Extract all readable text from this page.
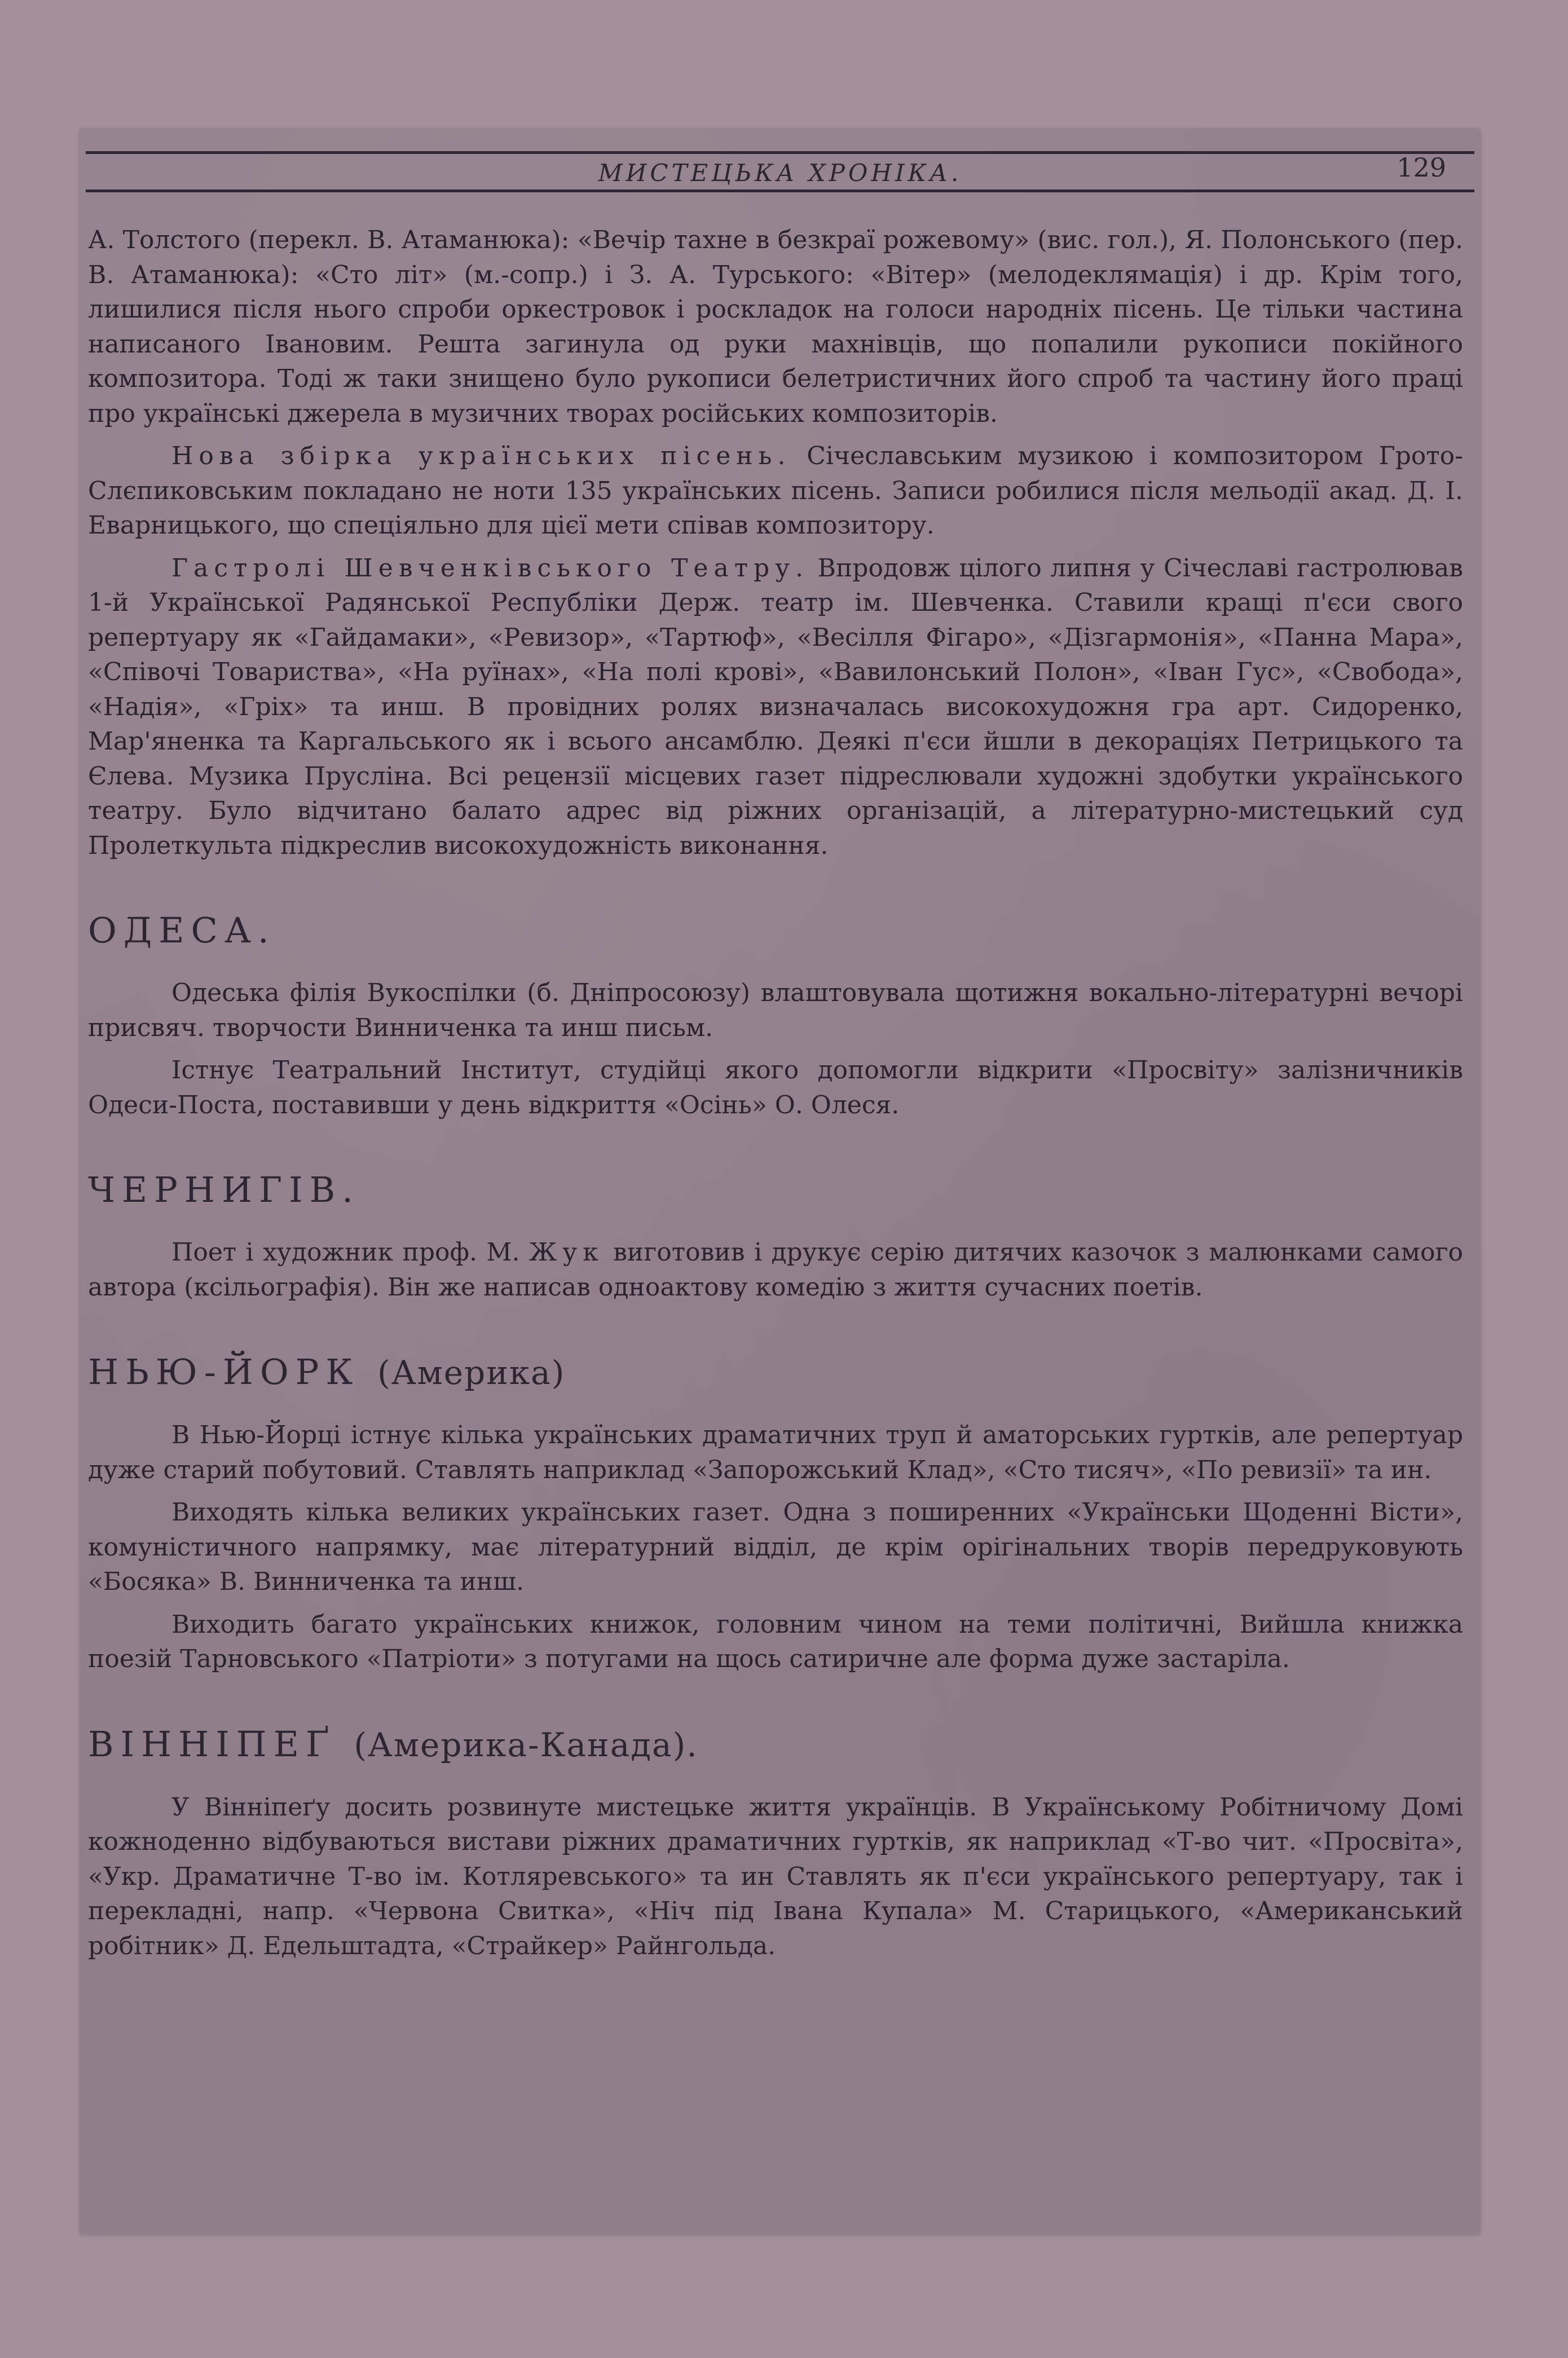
МИСТЕЦЬКА ХРОНІКА.	129

А. Толстого (перекл. В. Атаманюка): «Вечір тахне в безкраї рожевому» (вис. гол.), Я. Полонського (пер. В. Атаманюка): «Сто літ» (м.-сопр.) і З. А. Турського: «Вітер» (мелодеклямація) і др. Крім того, лишилися після нього спроби оркестровок і роскладок на голоси народніх пісень. Це тільки частина написаного Івановим. Решта загинула од руки махнівців, що попалили рукописи покійного композитора. Тоді ж таки знищено було рукописи белетристичних його спроб та частину його праці про українські джерела в музичних творах російських композиторів.

Нова збірка українських пісень. Січеславським музикою і композитором Грото-Слєпиковським покладано не ноти 135 українських пісень. Записи робилися після мельодії акад. Д. І. Еварницького, що спеціяльно для цієї мети співав композитору.

Гастролі Шевченківського Театру. Впродовж цілого липня у Січеславі гастролював 1-й Української Радянської Республіки Держ. театр ім. Шевченка. Ставили кращі п'єси свого репертуару як «Гайдамаки», «Ревизор», «Тартюф», «Весілля Фігаро», «Дізгармонія», «Панна Мара», «Співочі Товариства», «На руїнах», «На полі крові», «Вавилонський Полон», «Іван Гус», «Свобода», «Надія», «Гріх» та инш. В провідних ролях визначалась високохудожня гра арт. Сидоренко, Мар'яненка та Каргальського як і всього ансамблю. Деякі п'єси йшли в декораціях Петрицького та Єлева. Музика Пруcліна. Всі рецензії місцевих газет підреслювали художні здобутки українського театру. Було відчитано балато адрес від ріжних організацій, а літературно-мистецький суд Пролеткульта підкреслив високохудожність виконання.

ОДЕСА.

Одеська філія Вукоспілки (б. Дніпросоюзу) влаштовувала щотижня вокально-літературні вечорі присвяч. творчости Винниченка та инш письм.

Істнує Театральний Інститут, студійці якого допомогли відкрити «Просвіту» залізничників Одеси-Поста, поставивши у день відкриття «Осінь» О. Олеся.

ЧЕРНИГІВ.

Поет і художник проф. М. Жук виготовив і друкує серію дитячих казочок з малюнками самого автора (ксільографія). Він же написав одноактову комедію з життя сучасних поетів.

НЬЮ-ЙОРК (Америка)

В Нью-Йорці істнує кілька українських драматичних труп й аматорських гуртків, але репертуар дуже старий побутовий. Ставлять наприклад «Запорожський Клад», «Сто тисяч», «По ревизії» та ин.

Виходять кілька великих українських газет. Одна з поширенних «Українськи Щоденні Вісти», комуністичного напрямку, має літературний відділ, де крім орігінальних творів передруковують «Босяка» В. Винниченка та инш.

Виходить багато українських книжок, головним чином на теми політичні, Вийшла книжка поезій Тарновського «Патріоти» з потугами на щось сатиричне але форма дуже застаріла.

ВІННІПЕҐ (Америка-Канада).

У Вінніпеґу досить розвинуте мистецьке життя українців. В Українському Робітничому Домі кожноденно відбуваються вистави ріжних драматичних гуртків, як наприклад «Т-во чит. «Просвіта», «Укр. Драматичне Т-во ім. Котляревського» та ин Ставлять як п'єси українського репертуару, так і перекладні, напр. «Червона Свитка», «Ніч під Івана Купала» М. Старицького, «Американський робітник» Д. Едельштадта, «Страйкер» Райнгольда.
